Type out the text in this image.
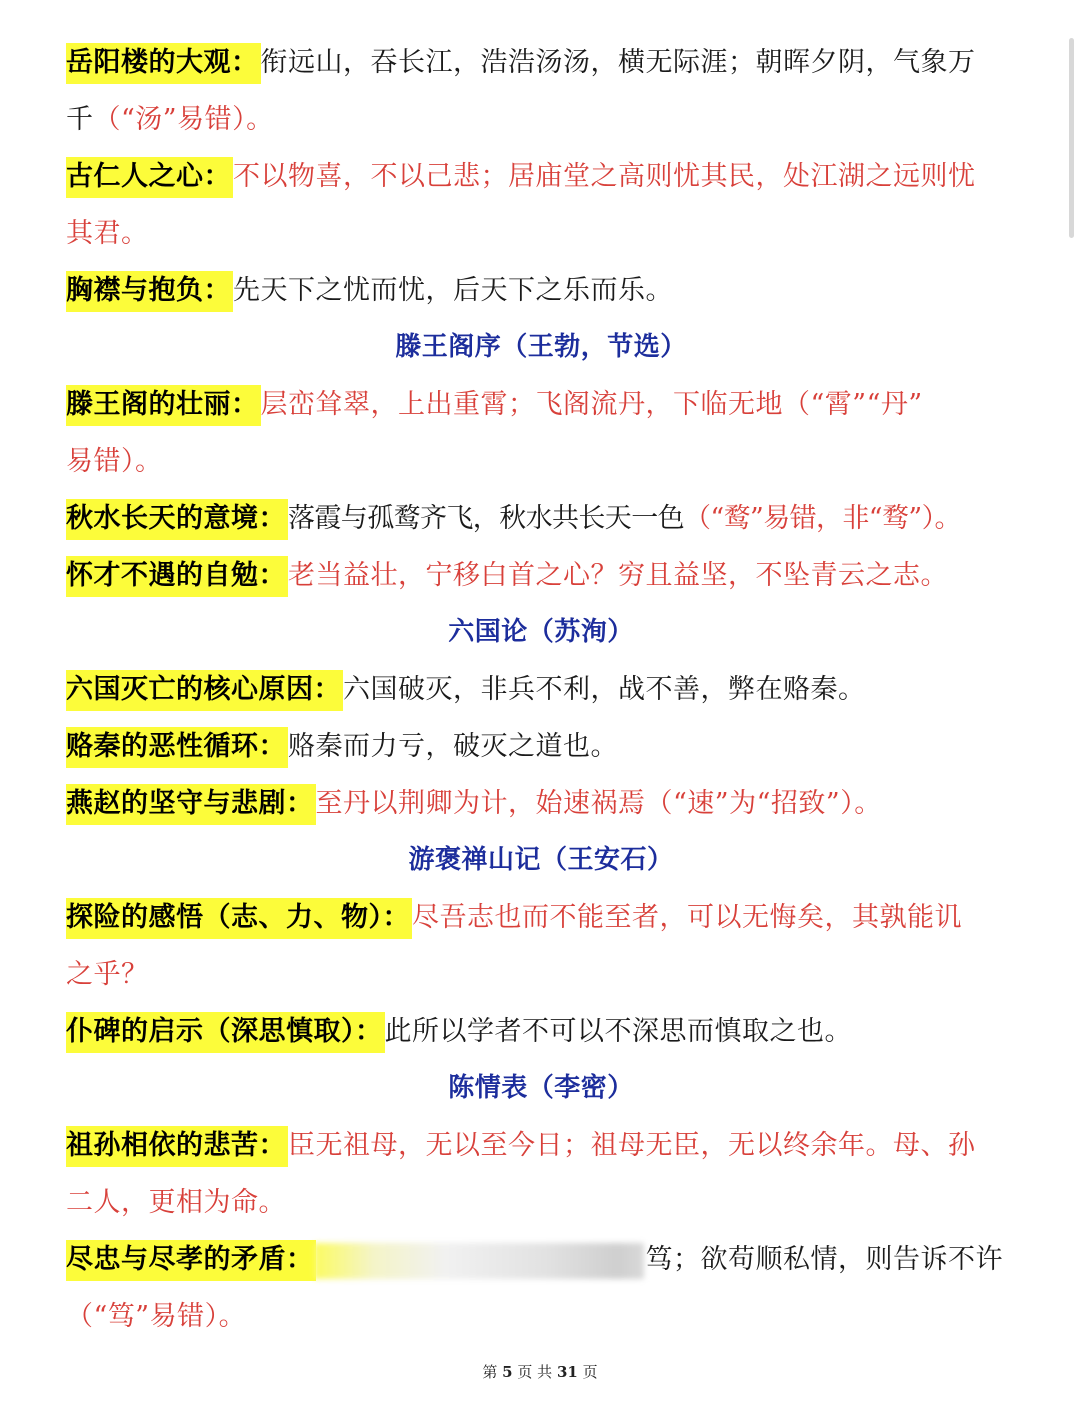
岳阳楼的大观：衔远山，吞长江，浩浩汤汤，横无际涯；朝晖夕阴，气象万
千（“汤”易错）。
古仁人之心：不以物喜，不以己悲；居庙堂之高则忧其民，处江湖之远则忧
其君。
胸襟与抱负：先天下之忧而忧，后天下之乐而乐。
滕王阁序（王勃，节选）
滕王阁的壮丽：层峦耸翠，上出重霄；飞阁流丹，下临无地（“霄”“丹”
易错）。
秋水长天的意境：落霞与孤鹜齐飞，秋水共长天一色（“鹜”易错，非“骛”）。
怀才不遇的自勉：老当益壮，宁移白首之心？穷且益坚，不坠青云之志。
六国论（苏洵）
六国灭亡的核心原因：六国破灭，非兵不利，战不善，弊在赂秦。
赂秦的恶性循环：赂秦而力亏，破灭之道也。
燕赵的坚守与悲剧：至丹以荆卿为计，始速祸焉（“速”为“招致”）。
游褒禅山记（王安石）
探险的感悟（志、力、物）：尽吾志也而不能至者，可以无悔矣，其孰能讥
之乎？
仆碑的启示（深思慎取）：此所以学者不可以不深思而慎取之也。
陈情表（李密）
祖孙相依的悲苦：臣无祖母，无以至今日；祖母无臣，无以终余年。母、孙
二人，更相为命。
尽忠与尽孝的矛盾：	笃；欲苟顺私情，则告诉不许
（“笃”易错）。
第 5 页 共 31 页
